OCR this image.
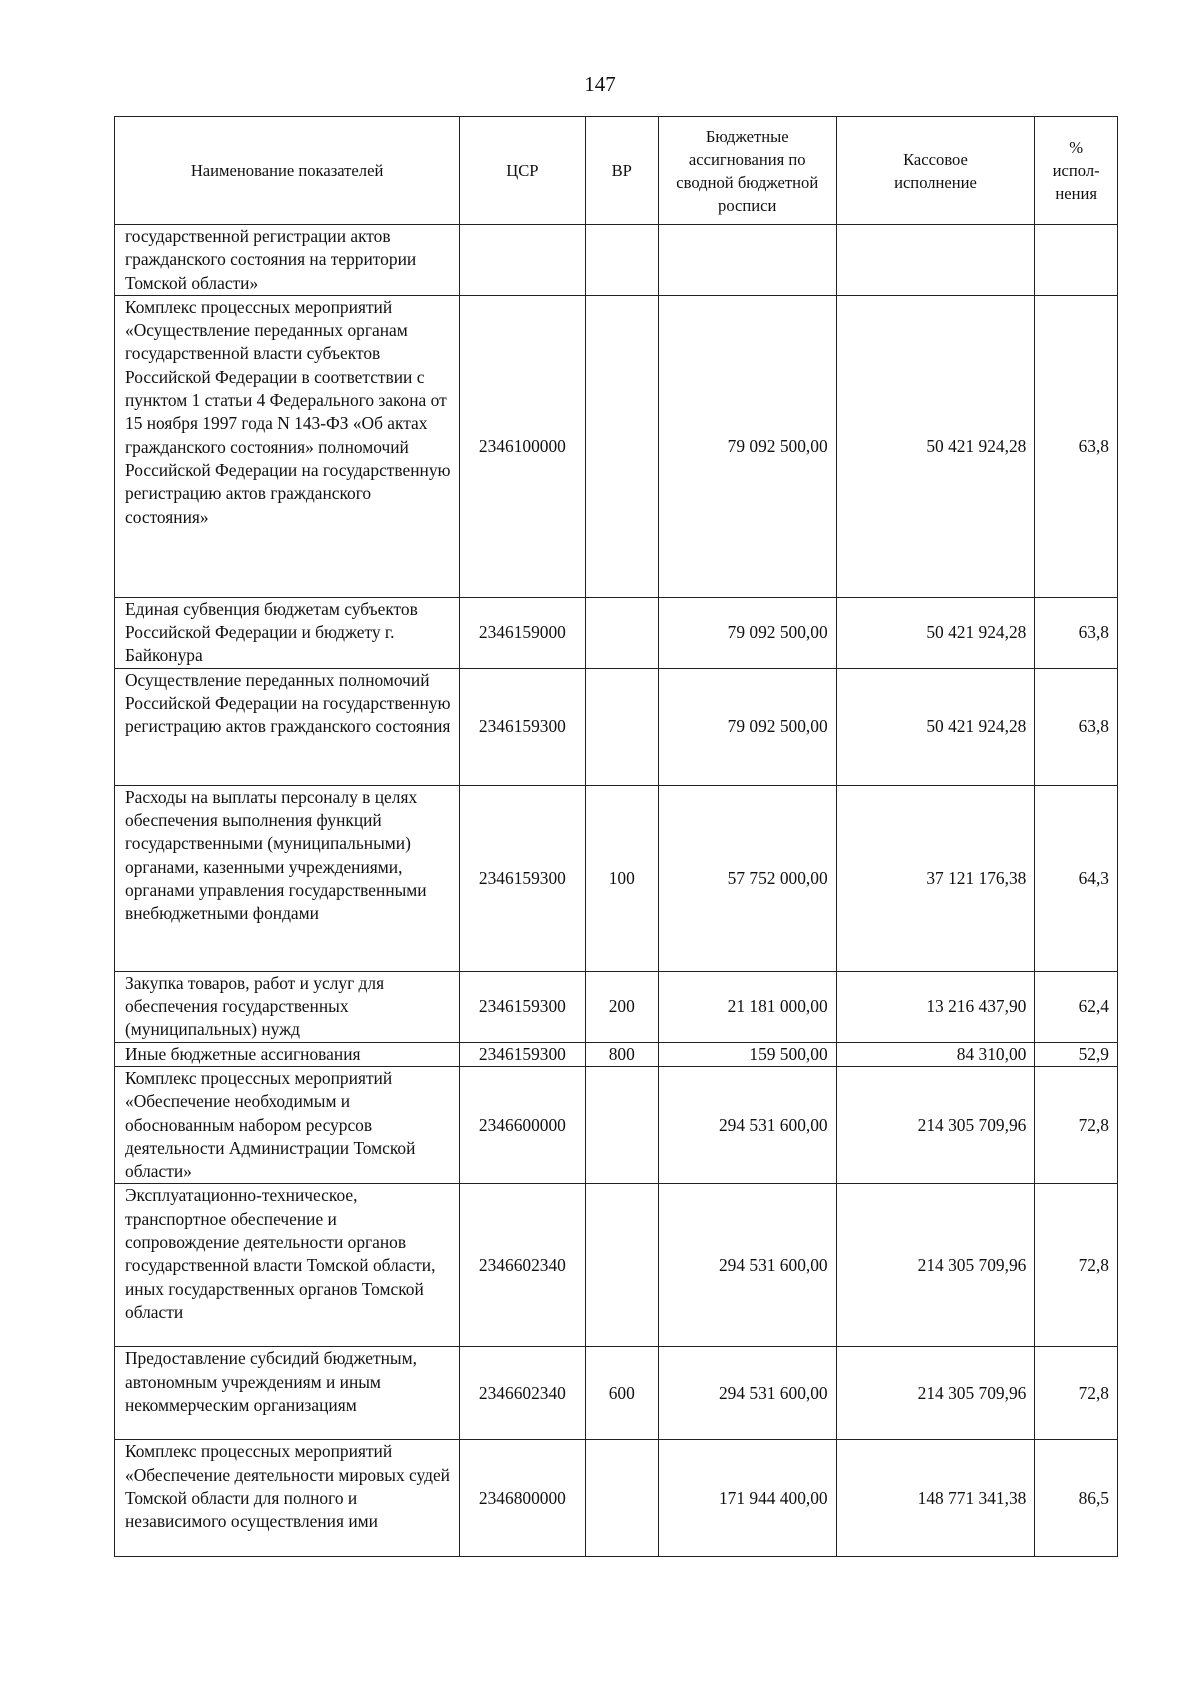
147
Наименование показателей	ЦСР	ВР	Бюджетные ассигнования по сводной бюджетной росписи	Кассовое исполнение	% испол-нения
государственной регистрации актов гражданского состояния на территории Томской области»					
Комплекс процессных мероприятий «Осуществление переданных органам государственной власти субъектов Российской Федерации в соответствии с пунктом 1 статьи 4 Федерального закона от 15 ноября 1997 года N 143-ФЗ «Об актах гражданского состояния» полномочий Российской Федерации на государственную регистрацию актов гражданского состояния»	2346100000		79 092 500,00	50 421 924,28	63,8
Единая субвенция бюджетам субъектов Российской Федерации и бюджету г. Байконура	2346159000		79 092 500,00	50 421 924,28	63,8
Осуществление переданных полномочий Российской Федерации на государственную регистрацию актов гражданского состояния	2346159300		79 092 500,00	50 421 924,28	63,8
Расходы на выплаты персоналу в целях обеспечения выполнения функций государственными (муниципальными) органами, казенными учреждениями, органами управления государственными внебюджетными фондами	2346159300	100	57 752 000,00	37 121 176,38	64,3
Закупка товаров, работ и услуг для обеспечения государственных (муниципальных) нужд	2346159300	200	21 181 000,00	13 216 437,90	62,4
Иные бюджетные ассигнования	2346159300	800	159 500,00	84 310,00	52,9
Комплекс процессных мероприятий «Обеспечение необходимым и обоснованным набором ресурсов деятельности Администрации Томской области»	2346600000		294 531 600,00	214 305 709,96	72,8
Эксплуатационно-техническое, транспортное обеспечение и сопровождение деятельности органов государственной власти Томской области, иных государственных органов Томской области	2346602340		294 531 600,00	214 305 709,96	72,8
Предоставление субсидий бюджетным, автономным учреждениям и иным некоммерческим организациям	2346602340	600	294 531 600,00	214 305 709,96	72,8
Комплекс процессных мероприятий «Обеспечение деятельности мировых судей Томской области для полного и независимого осуществления ими	2346800000		171 944 400,00	148 771 341,38	86,5
